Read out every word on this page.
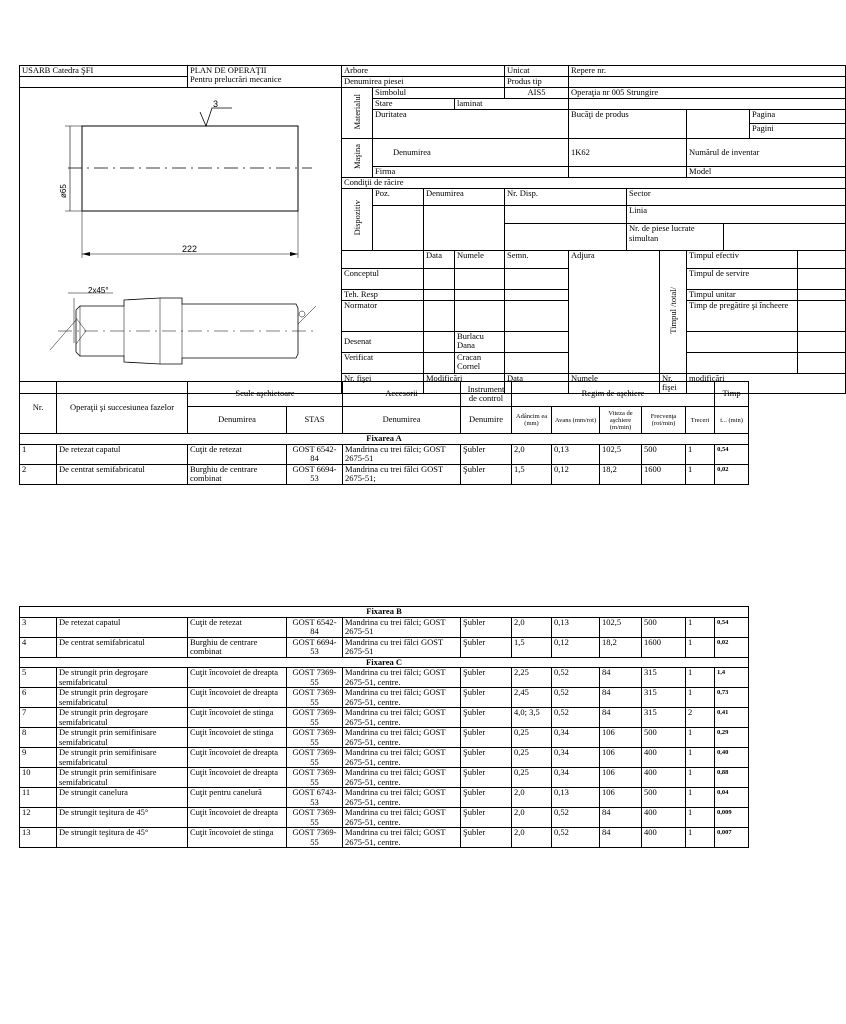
USARB Catedra ŞFI	PLAN DE OPERAŢII
Pentru prelucrări mecanice
	Arbore	Unicat	Repere nr.
	Denumirea piesei	Produs tip	

3
ø65
222
2x45°
	Materialul	Simbolul	AIS5	Operaţia nr 005 Strungire
Stare	laminat	
Duritatea	Bucăţi de produs			Pagina
Pagini

Maşina	Denumirea	1K62	Numărul de inventar
Firma		Model
Condiţii de răcire
Dispozitiv	Poz.	Denumirea	Nr. Disp.	Sector
			Linia
	Nr. de piese lucrate simultan	

	Data	Numele	Semn.	Adjura	Timpul /total/	Timpul efectiv	
Conceptul				Timpul de servire	
Teh. Resp				Timpul unitar	
Normator				Timp de pregătire şi încheere	
Desenat		Burlacu Dana			
Verificat		Cracan Cornel			
Nr. fişei	Modificări	Data	Numele	Nr. fişei	modificări
Nr.	Operaţii şi succesiunea fazelor	Scule aşchietoare		Accesorii	Instrument de control	Regim de aşchiere					Timp
		Denumirea	STAS	Denumirea	Denumire	Adâncim ea (mm)	Avans (mm/rot)	Viteza de aşchiere (m/min)	Frecvenţa (rot/min)	Treceri	t... (min)
Fixarea A											
1	De retezat capatul	Cuţit de retezat	GOST 6542-84	Mandrina cu trei fălci; GOST 2675-51	Şubler	2,0	0,13	102,5	500	1	0,54
2	De centrat semifabricatul	Burghiu de centrare combinat	GOST 6694-53	Mandrina cu trei fălci GOST 2675-51;	Şubler	1,5	0,12	18,2	1600	1	0,02
Fixarea B											
3	De retezat capatul	Cuţit de retezat	GOST 6542-84	Mandrina cu trei fălci; GOST 2675-51	Şubler	2,0	0,13	102,5	500	1	0,54
4	De centrat semifabricatul	Burghiu de centrare combinat	GOST 6694-53	Mandrina cu trei fălci GOST 2675-51	Şubler	1,5	0,12	18,2	1600	1	0,02
Fixarea C											
5	De strungit prin degroşare semifabricatul	Cuţit încovoiet de dreapta	GOST 7369-55	Mandrina cu trei fălci; GOST 2675-51, centre.	Şubler	2,25	0,52	84	315	1	1,4
6	De strungit prin degroşare semifabricatul	Cuţit încovoiet de dreapta	GOST 7369-55	Mandrina cu trei fălci; GOST 2675-51, centre.	Şubler	2,45	0,52	84	315	1	0,73
7	De strungit prin degroşare semifabricatul	Cuţit încovoiet de stinga	GOST 7369-55	Mandrina cu trei fălci; GOST 2675-51, centre.	Şubler	4,0; 3,5	0,52	84	315	2	0,41
8	De strungit prin semifinisare semifabricatul	Cuţit încovoiet de stinga	GOST 7369-55	Mandrina cu trei fălci; GOST 2675-51, centre.	Şubler	0,25	0,34	106	500	1	0,29
9	De strungit prin semifinisare semifabricatul	Cuţit încovoiet de dreapta	GOST 7369-55	Mandrina cu trei fălci; GOST 2675-51, centre.	Şubler	0,25	0,34	106	400	1	0,40
10	De strungit prin semifinisare semifabricatul	Cuţit încovoiet de dreapta	GOST 7369-55	Mandrina cu trei fălci; GOST 2675-51, centre.	Şubler	0,25	0,34	106	400	1	0,88
11	De strungit canelura	Cuţit pentru canelură	GOST 6743-53	Mandrina cu trei fălci; GOST 2675-51, centre.	Şubler	2,0	0,13	106	500	1	0,04
12	De strungit teşitura de 45°	Cuţit încovoiet de dreapta	GOST 7369-55	Mandrina cu trei fălci; GOST 2675-51, centre.	Şubler	2,0	0,52	84	400	1	0,009
13	De strungit teşitura de 45°	Cuţit încovoiet de stinga	GOST 7369-55	Mandrina cu trei fălci; GOST 2675-51, centre.	Şubler	2,0	0,52	84	400	1	0,007
